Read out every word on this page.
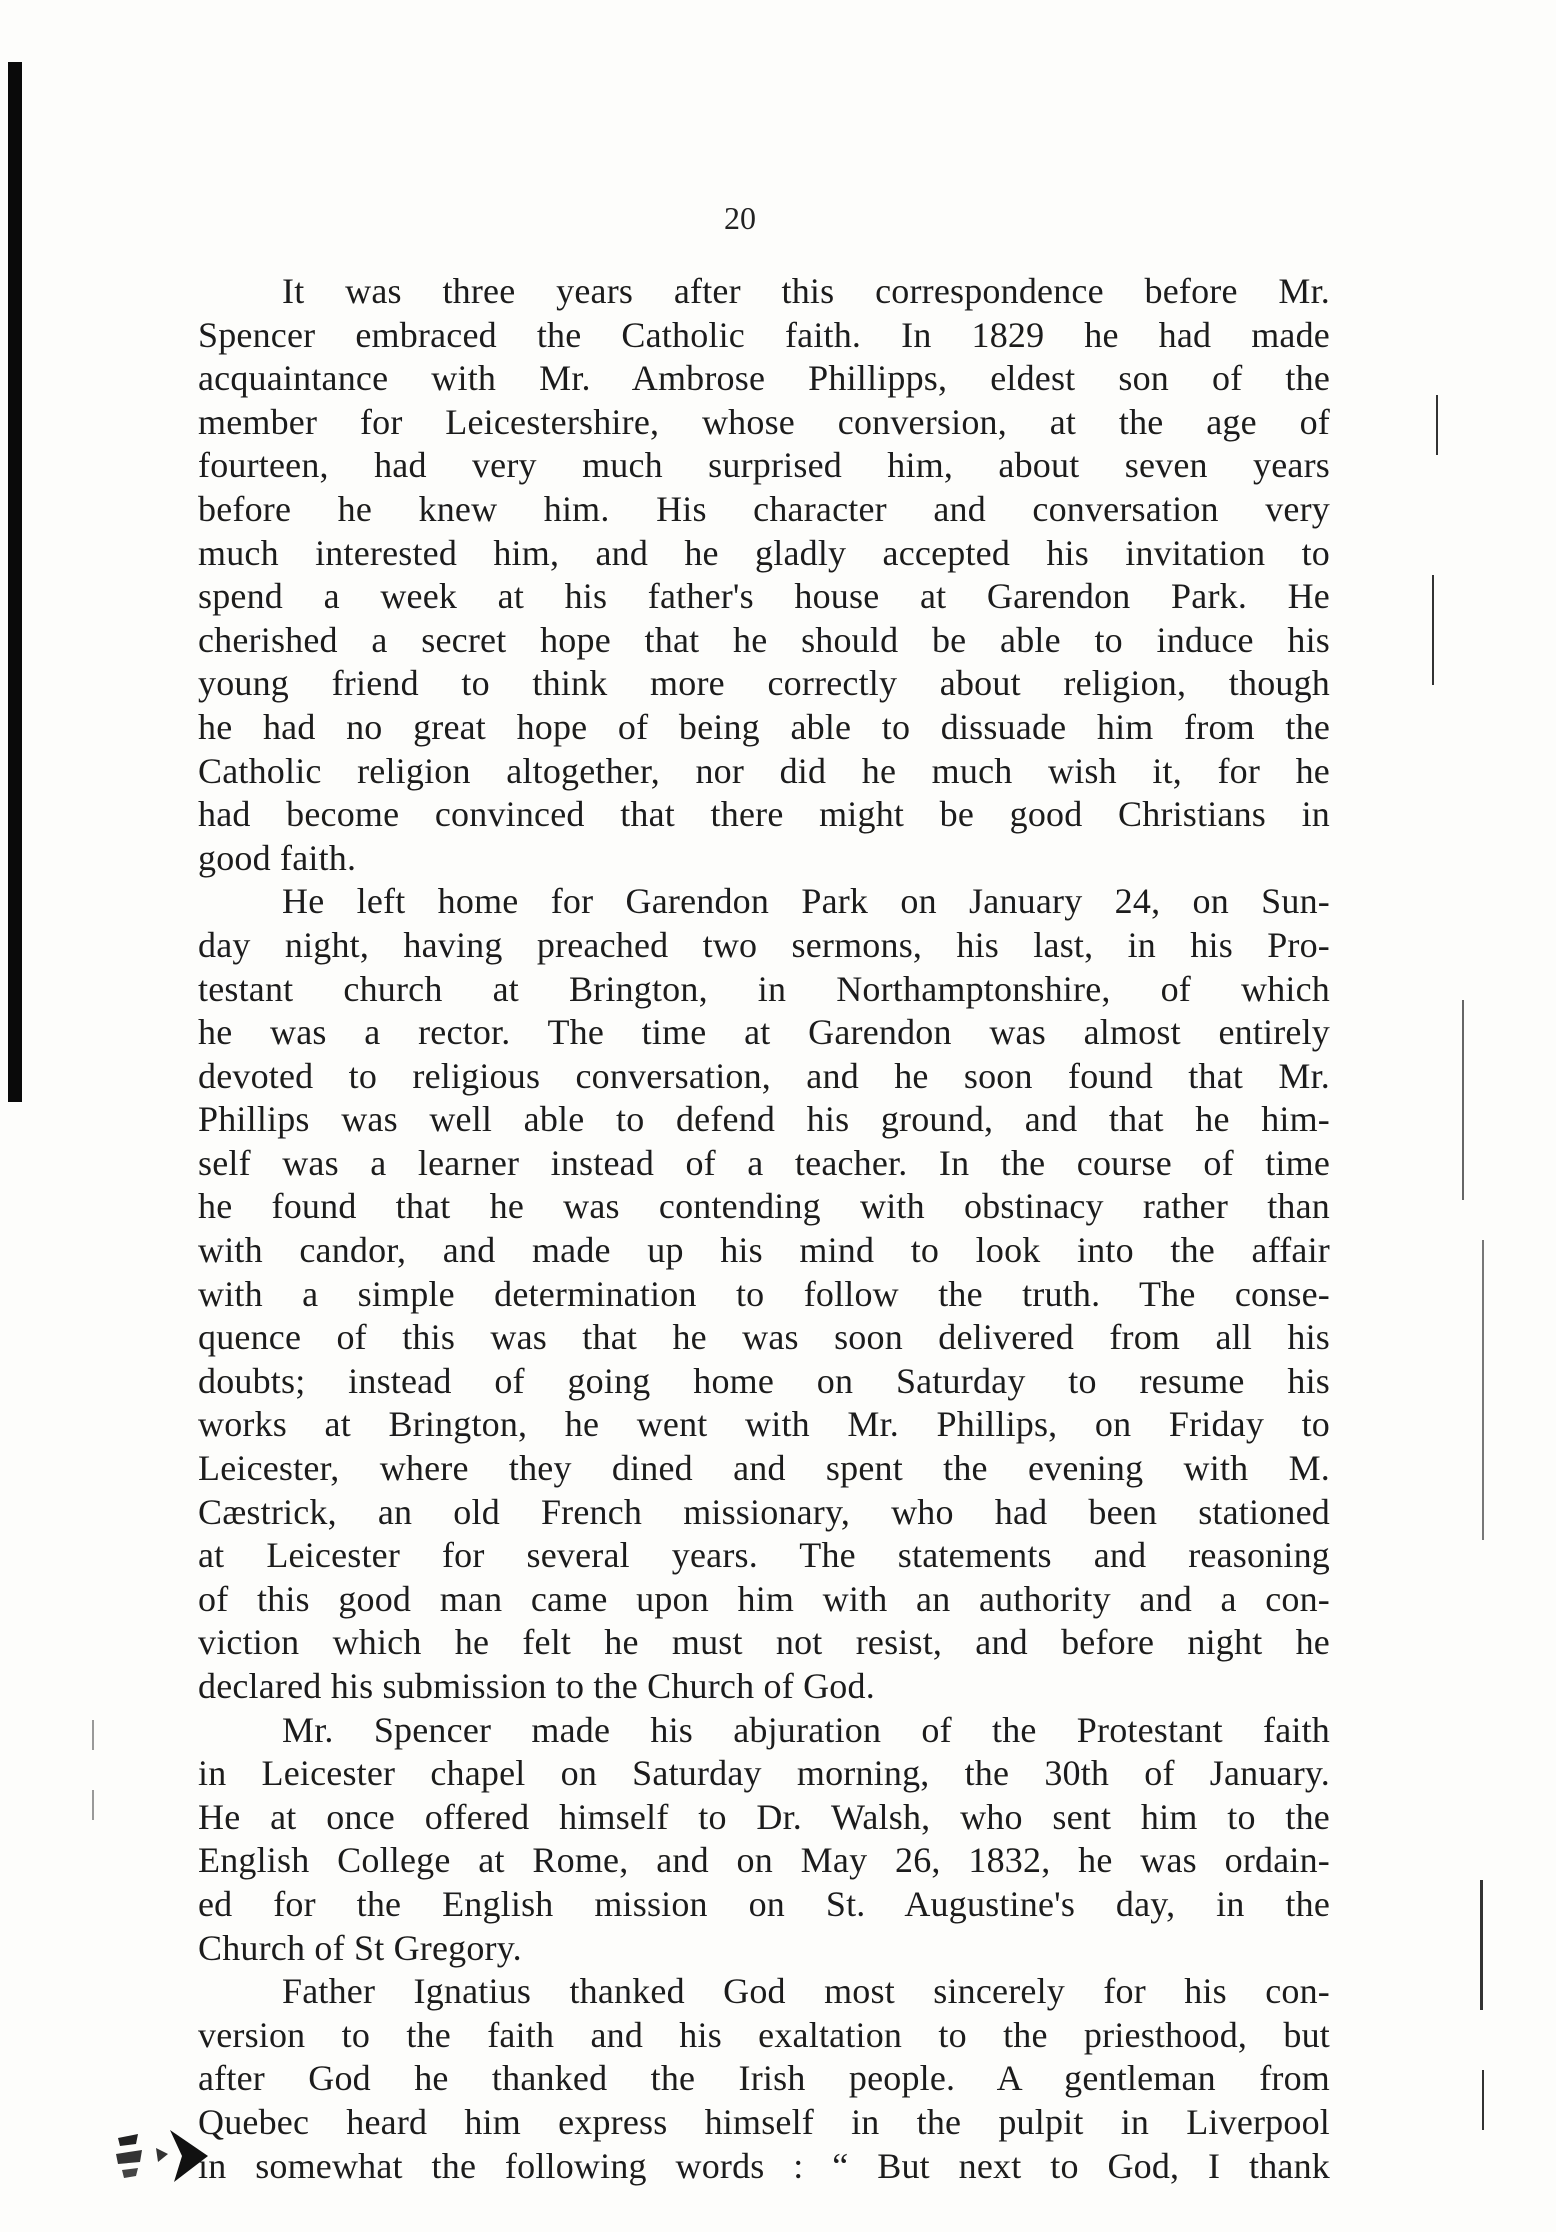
20
It was three years after this correspondence before Mr.
Spencer embraced the Catholic faith. In 1829 he had made
acquaintance with Mr. Ambrose Phillipps, eldest son of the
member for Leicestershire, whose conversion, at the age of
fourteen, had very much surprised him, about seven years
before he knew him. His character and conversation very
much interested him, and he gladly accepted his invitation to
spend a week at his father's house at Garendon Park. He
cherished a secret hope that he should be able to induce his
young friend to think more correctly about religion, though
he had no great hope of being able to dissuade him from the
Catholic religion altogether, nor did he much wish it, for he
had become convinced that there might be good Christians in
good faith.
He left home for Garendon Park on January 24, on Sun-
day night, having preached two sermons, his last, in his Pro-
testant church at Brington, in Northamptonshire, of which
he was a rector. The time at Garendon was almost entirely
devoted to religious conversation, and he soon found that Mr.
Phillips was well able to defend his ground, and that he him-
self was a learner instead of a teacher. In the course of time
he found that he was contending with obstinacy rather than
with candor, and made up his mind to look into the affair
with a simple determination to follow the truth. The conse-
quence of this was that he was soon delivered from all his
doubts; instead of going home on Saturday to resume his
works at Brington, he went with Mr. Phillips, on Friday to
Leicester, where they dined and spent the evening with M.
Cæstrick, an old French missionary, who had been stationed
at Leicester for several years. The statements and reasoning
of this good man came upon him with an authority and a con-
viction which he felt he must not resist, and before night he
declared his submission to the Church of God.
Mr. Spencer made his abjuration of the Protestant faith
in Leicester chapel on Saturday morning, the 30th of January.
He at once offered himself to Dr. Walsh, who sent him to the
English College at Rome, and on May 26, 1832, he was ordain-
ed for the English mission on St. Augustine's day, in the
Church of St Gregory.
Father Ignatius thanked God most sincerely for his con-
version to the faith and his exaltation to the priesthood, but
after God he thanked the Irish people. A gentleman from
Quebec heard him express himself in the pulpit in Liverpool
in somewhat the following words : “ But next to God, I thank
